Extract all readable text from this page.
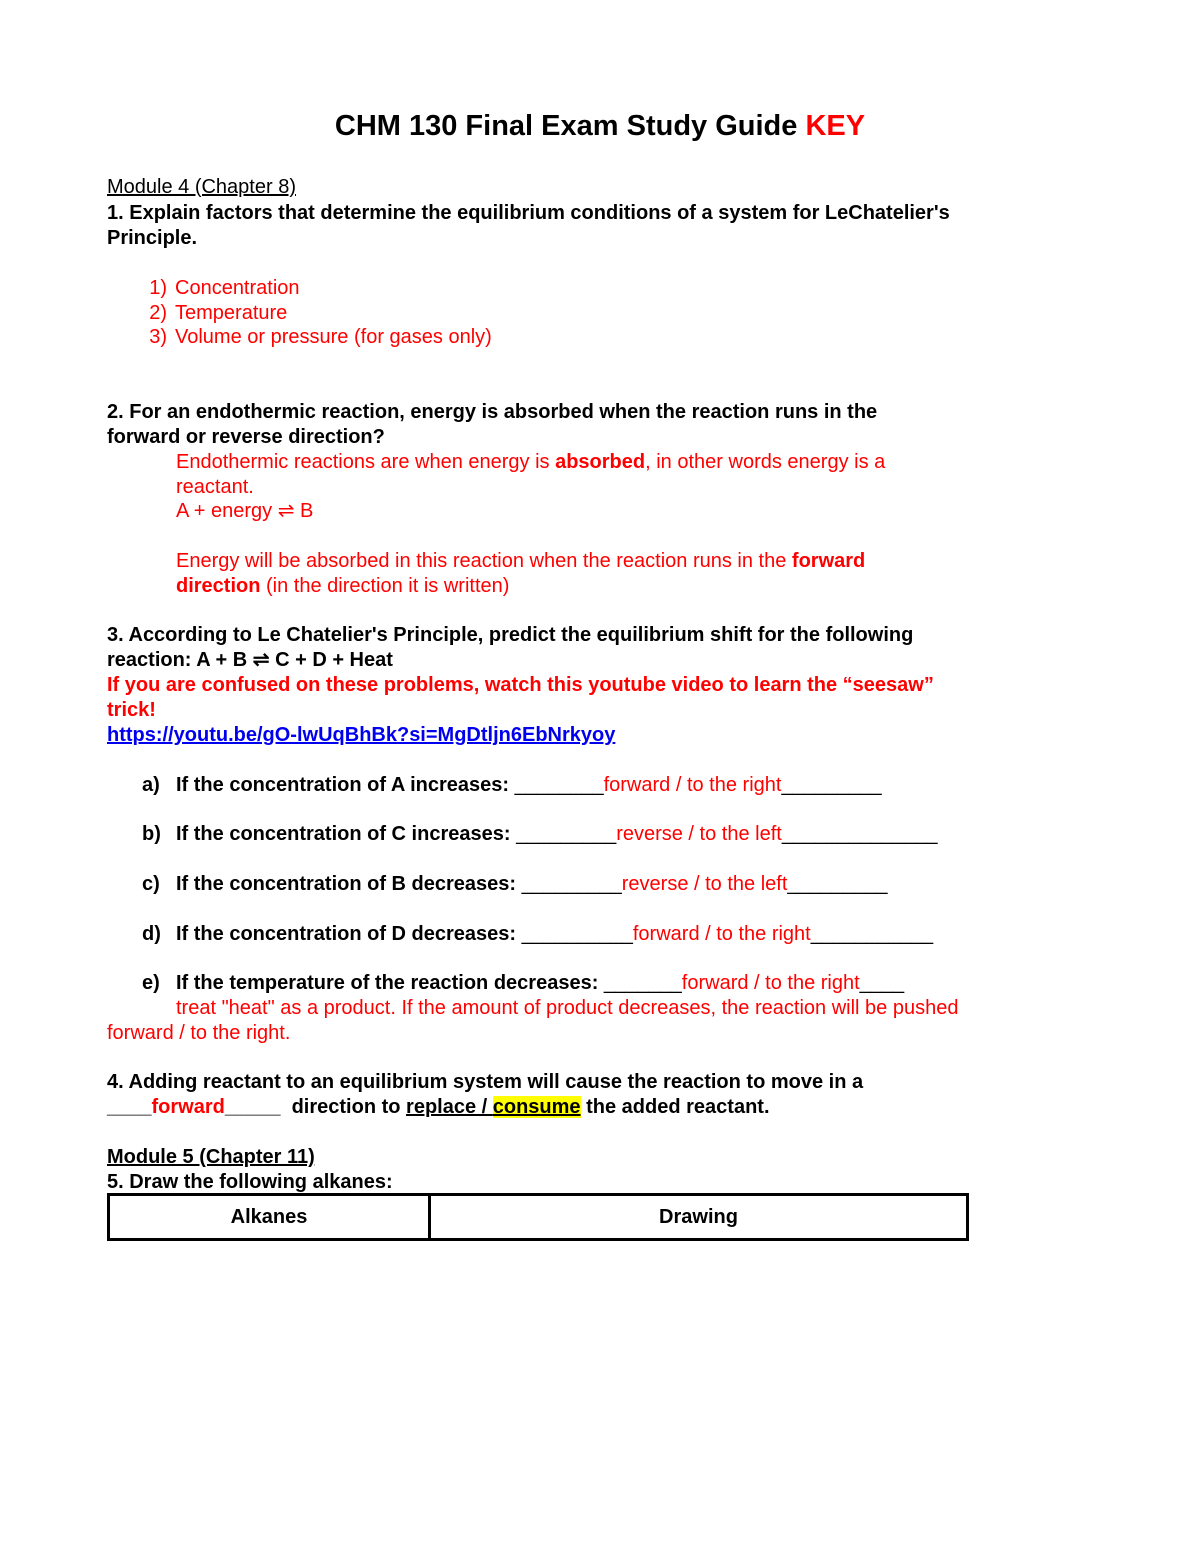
CHM 130 Final Exam Study Guide KEY
Module 4 (Chapter 8)
1. Explain factors that determine the equilibrium conditions of a system for LeChatelier's
Principle.
1) Concentration
2) Temperature
3) Volume or pressure (for gases only)
2. For an endothermic reaction, energy is absorbed when the reaction runs in the
forward or reverse direction?
Endothermic reactions are when energy is absorbed, in other words energy is a
reactant.
A + energy ⇌ B
Energy will be absorbed in this reaction when the reaction runs in the forward
direction (in the direction it is written)
3. According to Le Chatelier's Principle, predict the equilibrium shift for the following
reaction: A + B ⇌ C + D + Heat
If you are confused on these problems, watch this youtube video to learn the “seesaw”
trick!
https://youtu.be/gO-lwUqBhBk?si=MgDtljn6EbNrkyoy
a) If the concentration of A increases: ________forward / to the right_________
b) If the concentration of C increases: _________reverse / to the left______________
c) If the concentration of B decreases: _________reverse / to the left_________
d) If the concentration of D decreases: __________forward / to the right___________
e) If the temperature of the reaction decreases: _______forward / to the right____
treat "heat" as a product. If the amount of product decreases, the reaction will be pushed
forward / to the right.
4. Adding reactant to an equilibrium system will cause the reaction to move in a
____forward_____  direction to replace / consume the added reactant.
Module 5 (Chapter 11)
5. Draw the following alkanes:
Alkanes	Drawing
